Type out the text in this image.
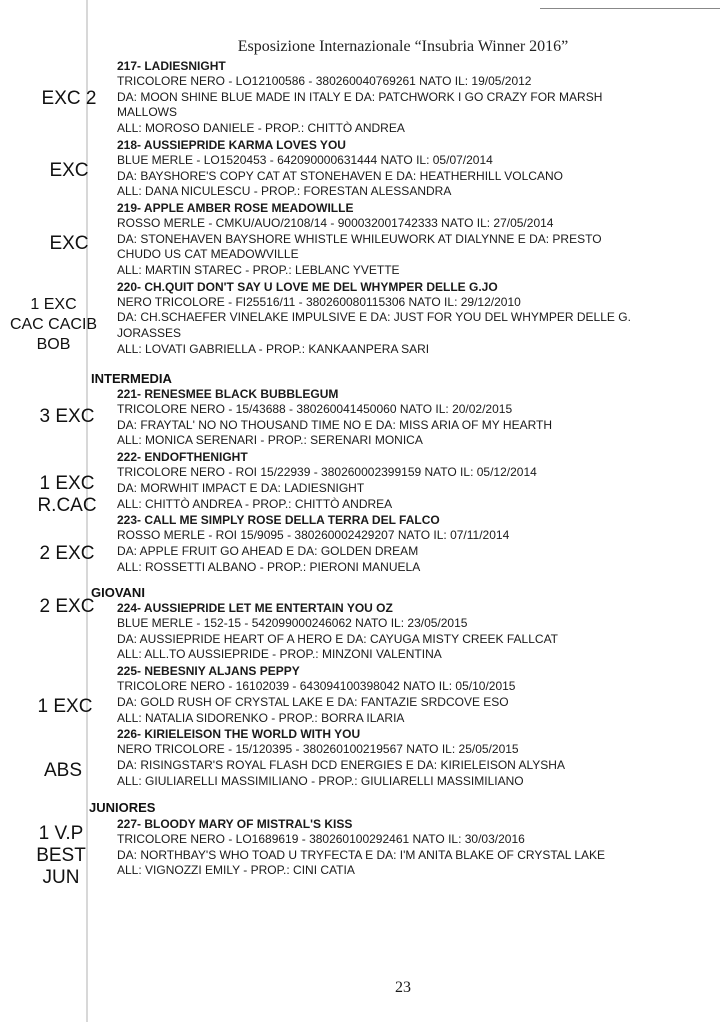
Esposizione Internazionale “Insubria Winner 2016”
EXC 2
EXC
EXC
1 EXC
CAC CACIB
BOB
3 EXC
1 EXC
R.CAC
2 EXC
2 EXC
1 EXC
ABS
1 V.P
BEST
JUN
INTERMEDIA
GIOVANI
JUNIORES
217- LADIESNIGHT
TRICOLORE NERO - LO12100586 - 380260040769261 NATO IL: 19/05/2012
DA: MOON SHINE BLUE MADE IN ITALY E DA: PATCHWORK I GO CRAZY FOR MARSH
MALLOWS
ALL: MOROSO DANIELE - PROP.: CHITTÒ ANDREA
218- AUSSIEPRIDE KARMA LOVES YOU
BLUE MERLE - LO1520453 - 642090000631444 NATO IL: 05/07/2014
DA: BAYSHORE'S COPY CAT AT STONEHAVEN E DA: HEATHERHILL VOLCANO
ALL: DANA NICULESCU - PROP.: FORESTAN ALESSANDRA
219- APPLE AMBER ROSE MEADOWILLE
ROSSO MERLE - CMKU/AUO/2108/14 - 900032001742333 NATO IL: 27/05/2014
DA: STONEHAVEN BAYSHORE WHISTLE WHILEUWORK AT DIALYNNE E DA: PRESTO
CHUDO US CAT MEADOWVILLE
ALL: MARTIN STAREC - PROP.: LEBLANC YVETTE
220- CH.QUIT DON'T SAY U LOVE ME DEL WHYMPER DELLE G.JO
NERO TRICOLORE - FI25516/11 - 380260080115306 NATO IL: 29/12/2010
DA: CH.SCHAEFER VINELAKE IMPULSIVE E DA: JUST FOR YOU DEL WHYMPER DELLE G.
JORASSES
ALL: LOVATI GABRIELLA - PROP.: KANKAANPERA SARI
221- RENESMEE BLACK BUBBLEGUM
TRICOLORE NERO - 15/43688 - 380260041450060 NATO IL: 20/02/2015
DA: FRAYTAL' NO NO THOUSAND TIME NO E DA: MISS ARIA OF MY HEARTH
ALL: MONICA SERENARI - PROP.: SERENARI MONICA
222- ENDOFTHENIGHT
TRICOLORE NERO - ROI 15/22939 - 380260002399159 NATO IL: 05/12/2014
DA: MORWHIT IMPACT E DA: LADIESNIGHT
ALL: CHITTÒ ANDREA - PROP.: CHITTÒ ANDREA
223- CALL ME SIMPLY ROSE DELLA TERRA DEL FALCO
ROSSO MERLE - ROI 15/9095 - 380260002429207 NATO IL: 07/11/2014
DA: APPLE FRUIT GO AHEAD E DA: GOLDEN DREAM
ALL: ROSSETTI ALBANO - PROP.: PIERONI MANUELA
224- AUSSIEPRIDE LET ME ENTERTAIN YOU OZ
BLUE MERLE - 152-15 - 542099000246062 NATO IL: 23/05/2015
DA: AUSSIEPRIDE HEART OF A HERO E DA: CAYUGA MISTY CREEK FALLCAT
ALL: ALL.TO AUSSIEPRIDE - PROP.: MINZONI VALENTINA
225- NEBESNIY ALJANS PEPPY
TRICOLORE NERO - 16102039 - 643094100398042 NATO IL: 05/10/2015
DA: GOLD RUSH OF CRYSTAL LAKE E DA: FANTAZIE SRDCOVE ESO
ALL: NATALIA SIDORENKO - PROP.: BORRA ILARIA
226- KIRIELEISON THE WORLD WITH YOU
NERO TRICOLORE - 15/120395 - 380260100219567 NATO IL: 25/05/2015
DA: RISINGSTAR'S ROYAL FLASH DCD ENERGIES E DA: KIRIELEISON ALYSHA
ALL: GIULIARELLI MASSIMILIANO - PROP.: GIULIARELLI MASSIMILIANO
227- BLOODY MARY OF MISTRAL'S KISS
TRICOLORE NERO - LO1689619 - 380260100292461 NATO IL: 30/03/2016
DA: NORTHBAY'S WHO TOAD U TRYFECTA E DA: I'M ANITA BLAKE OF CRYSTAL LAKE
ALL: VIGNOZZI EMILY - PROP.: CINI CATIA
23
